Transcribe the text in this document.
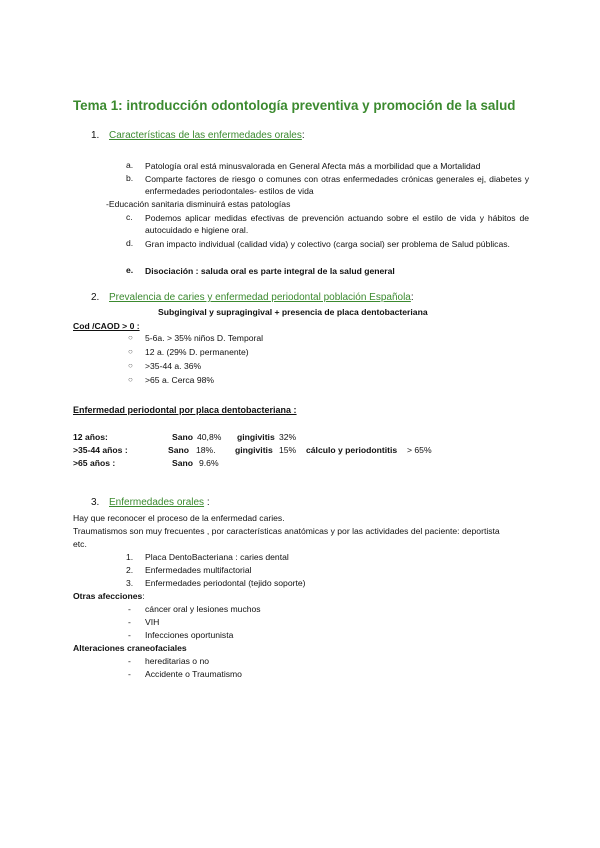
Tema 1: introducción odontología preventiva y promoción de la salud
1. Características de las enfermedades orales:
a. Patología oral está minusvalorada en General Afecta más a morbilidad que a Mortalidad
b. Comparte factores de riesgo o comunes con otras enfermedades crónicas generales ej, diabetes y enfermedades periodontales- estilos de vida
-Educación sanitaria disminuirá estas patologías
c. Podemos aplicar medidas efectivas de prevención actuando sobre el estilo de vida y hábitos de autocuidado e higiene oral.
d. Gran impacto individual (calidad vida) y colectivo (carga social) ser problema de Salud públicas.
e. Disociación : saluda oral es parte integral de la salud general
2. Prevalencia de caries y enfermedad periodontal población Española:
Subgingival y supragingival + presencia de placa dentobacteriana
Cod /CAOD > 0 :
○ 5-6a. > 35% niños D. Temporal
○ 12 a. (29% D. permanente)
○ >35-44 a. 36%
○ >65 a. Cerca 98%
Enfermedad periodontal por placa dentobacteriana :
12 años:	Sano 40,8% gingivitis 32%
>35-44 años :	Sano 18%. gingivitis 15% cálculo y periodontitis > 65%
>65 años :	Sano 9.6%
3. Enfermedades orales :
Hay que reconocer el proceso de la enfermedad caries.
Traumatismos son muy frecuentes , por características anatómicas y por las actividades del paciente: deportista
etc.
1. Placa DentoBacteriana : caries dental
2. Enfermedades multifactorial
3. Enfermedades periodontal (tejido soporte)
Otras afecciones:
- cáncer oral y lesiones muchos
- VIH
- Infecciones oportunista
Alteraciones craneofaciales
- hereditarias o no
- Accidente o Traumatismo
